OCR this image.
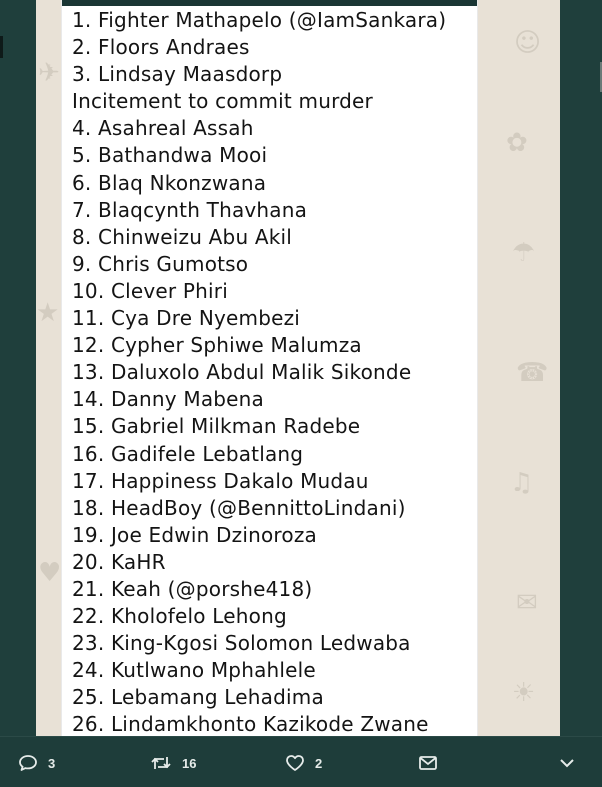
☺
✿
☂
☎
♫
✉
☀
✈
★
♥
1. Fighter Mathapelo (@IamSankara)
2. Floors Andraes
3. Lindsay Maasdorp
Incitement to commit murder
4. Asahreal Assah
5. Bathandwa Mooi
6. Blaq Nkonzwana
7. Blaqcynth Thavhana
8. Chinweizu Abu Akil
9. Chris Gumotso
10. Clever Phiri
11. Cya Dre Nyembezi
12. Cypher Sphiwe Malumza
13. Daluxolo Abdul Malik Sikonde
14. Danny Mabena
15. Gabriel Milkman Radebe
16. Gadifele Lebatlang
17. Happiness Dakalo Mudau
18. HeadBoy (@BennittoLindani)
19. Joe Edwin Dzinoroza
20. KaHR
21. Keah (@porshe418)
22. Kholofelo Lehong
23. King-Kgosi Solomon Ledwaba
24. Kutlwano Mphahlele
25. Lebamang Lehadima
26. Lindamkhonto Kazikode Zwane
3	16	2
